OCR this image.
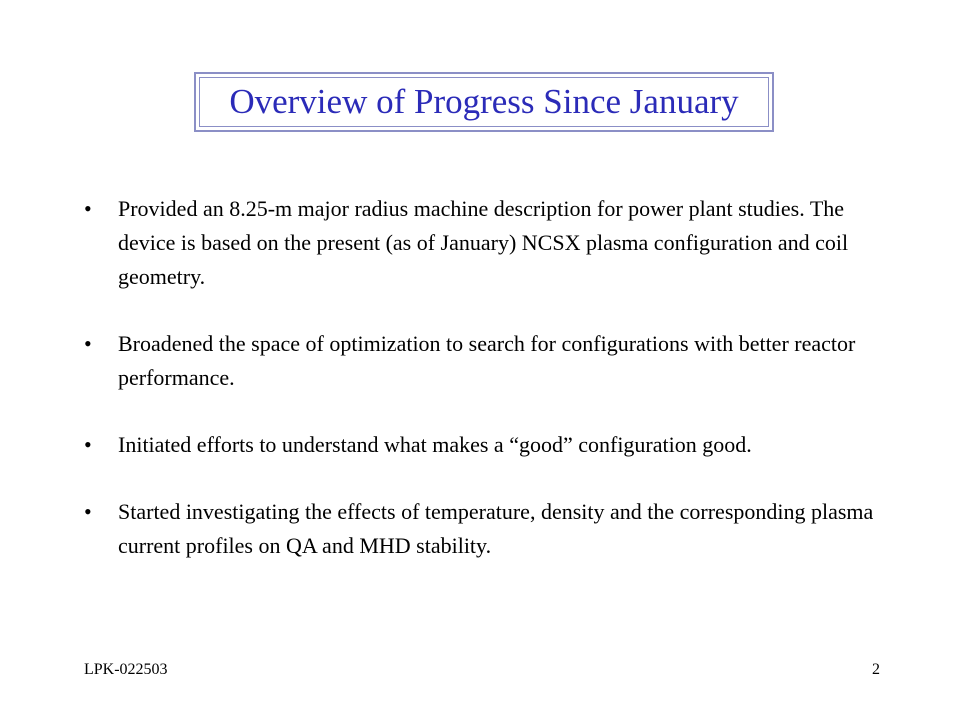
Overview of Progress Since January
• Provided an 8.25-m major radius machine description for power plant studies. The device is based on the present (as of January) NCSX plasma configuration and coil geometry.
• Broadened the space of optimization to search for configurations with better reactor performance.
• Initiated efforts to understand what makes a “good” configuration good.
• Started investigating the effects of temperature, density and the corresponding plasma current profiles on QA and MHD stability.
LPK-022503	2
